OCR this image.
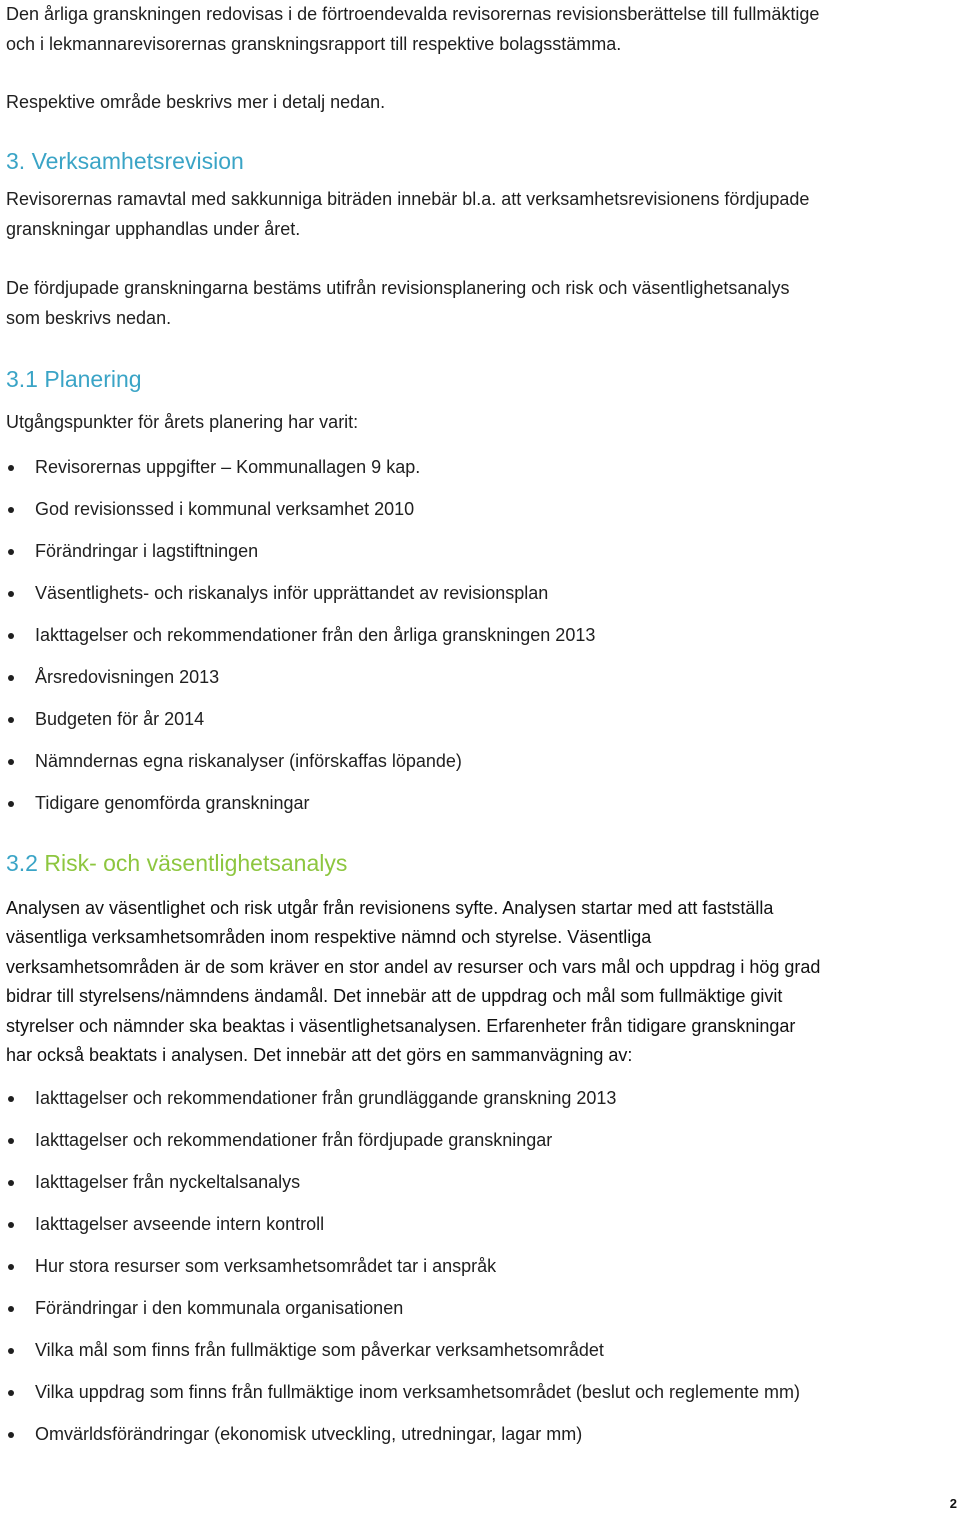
Den årliga granskningen redovisas i de förtroendevalda revisorernas revisionsberättelse till fullmäktige
och i lekmannarevisorernas granskningsrapport till respektive bolagsstämma.

Respektive område beskrivs mer i detalj nedan.

3. Verksamhetsrevision

Revisorernas ramavtal med sakkunniga biträden innebär bl.a. att verksamhetsrevisionens fördjupade
granskningar upphandlas under året.

De fördjupade granskningarna bestäms utifrån revisionsplanering och risk och väsentlighetsanalys
som beskrivs nedan.

3.1 Planering

Utgångspunkter för årets planering har varit:

Revisorernas uppgifter – Kommunallagen 9 kap.
God revisionssed i kommunal verksamhet 2010
Förändringar i lagstiftningen
Väsentlighets- och riskanalys inför upprättandet av revisionsplan
Iakttagelser och rekommendationer från den årliga granskningen 2013
Årsredovisningen 2013
Budgeten för år 2014
Nämndernas egna riskanalyser (införskaffas löpande)
Tidigare genomförda granskningar
3.2 Risk- och väsentlighetsanalys

Analysen av väsentlighet och risk utgår från revisionens syfte. Analysen startar med att fastställa
väsentliga verksamhetsområden inom respektive nämnd och styrelse. Väsentliga
verksamhetsområden är de som kräver en stor andel av resurser och vars mål och uppdrag i hög grad
bidrar till styrelsens/nämndens ändamål. Det innebär att de uppdrag och mål som fullmäktige givit
styrelser och nämnder ska beaktas i väsentlighetsanalysen. Erfarenheter från tidigare granskningar
har också beaktats i analysen. Det innebär att det görs en sammanvägning av:

Iakttagelser och rekommendationer från grundläggande granskning 2013
Iakttagelser och rekommendationer från fördjupade granskningar
Iakttagelser från nyckeltalsanalys
Iakttagelser avseende intern kontroll
Hur stora resurser som verksamhetsområdet tar i anspråk
Förändringar i den kommunala organisationen
Vilka mål som finns från fullmäktige som påverkar verksamhetsområdet
Vilka uppdrag som finns från fullmäktige inom verksamhetsområdet (beslut och reglemente mm)
Omvärldsförändringar (ekonomisk utveckling, utredningar, lagar mm)
2
